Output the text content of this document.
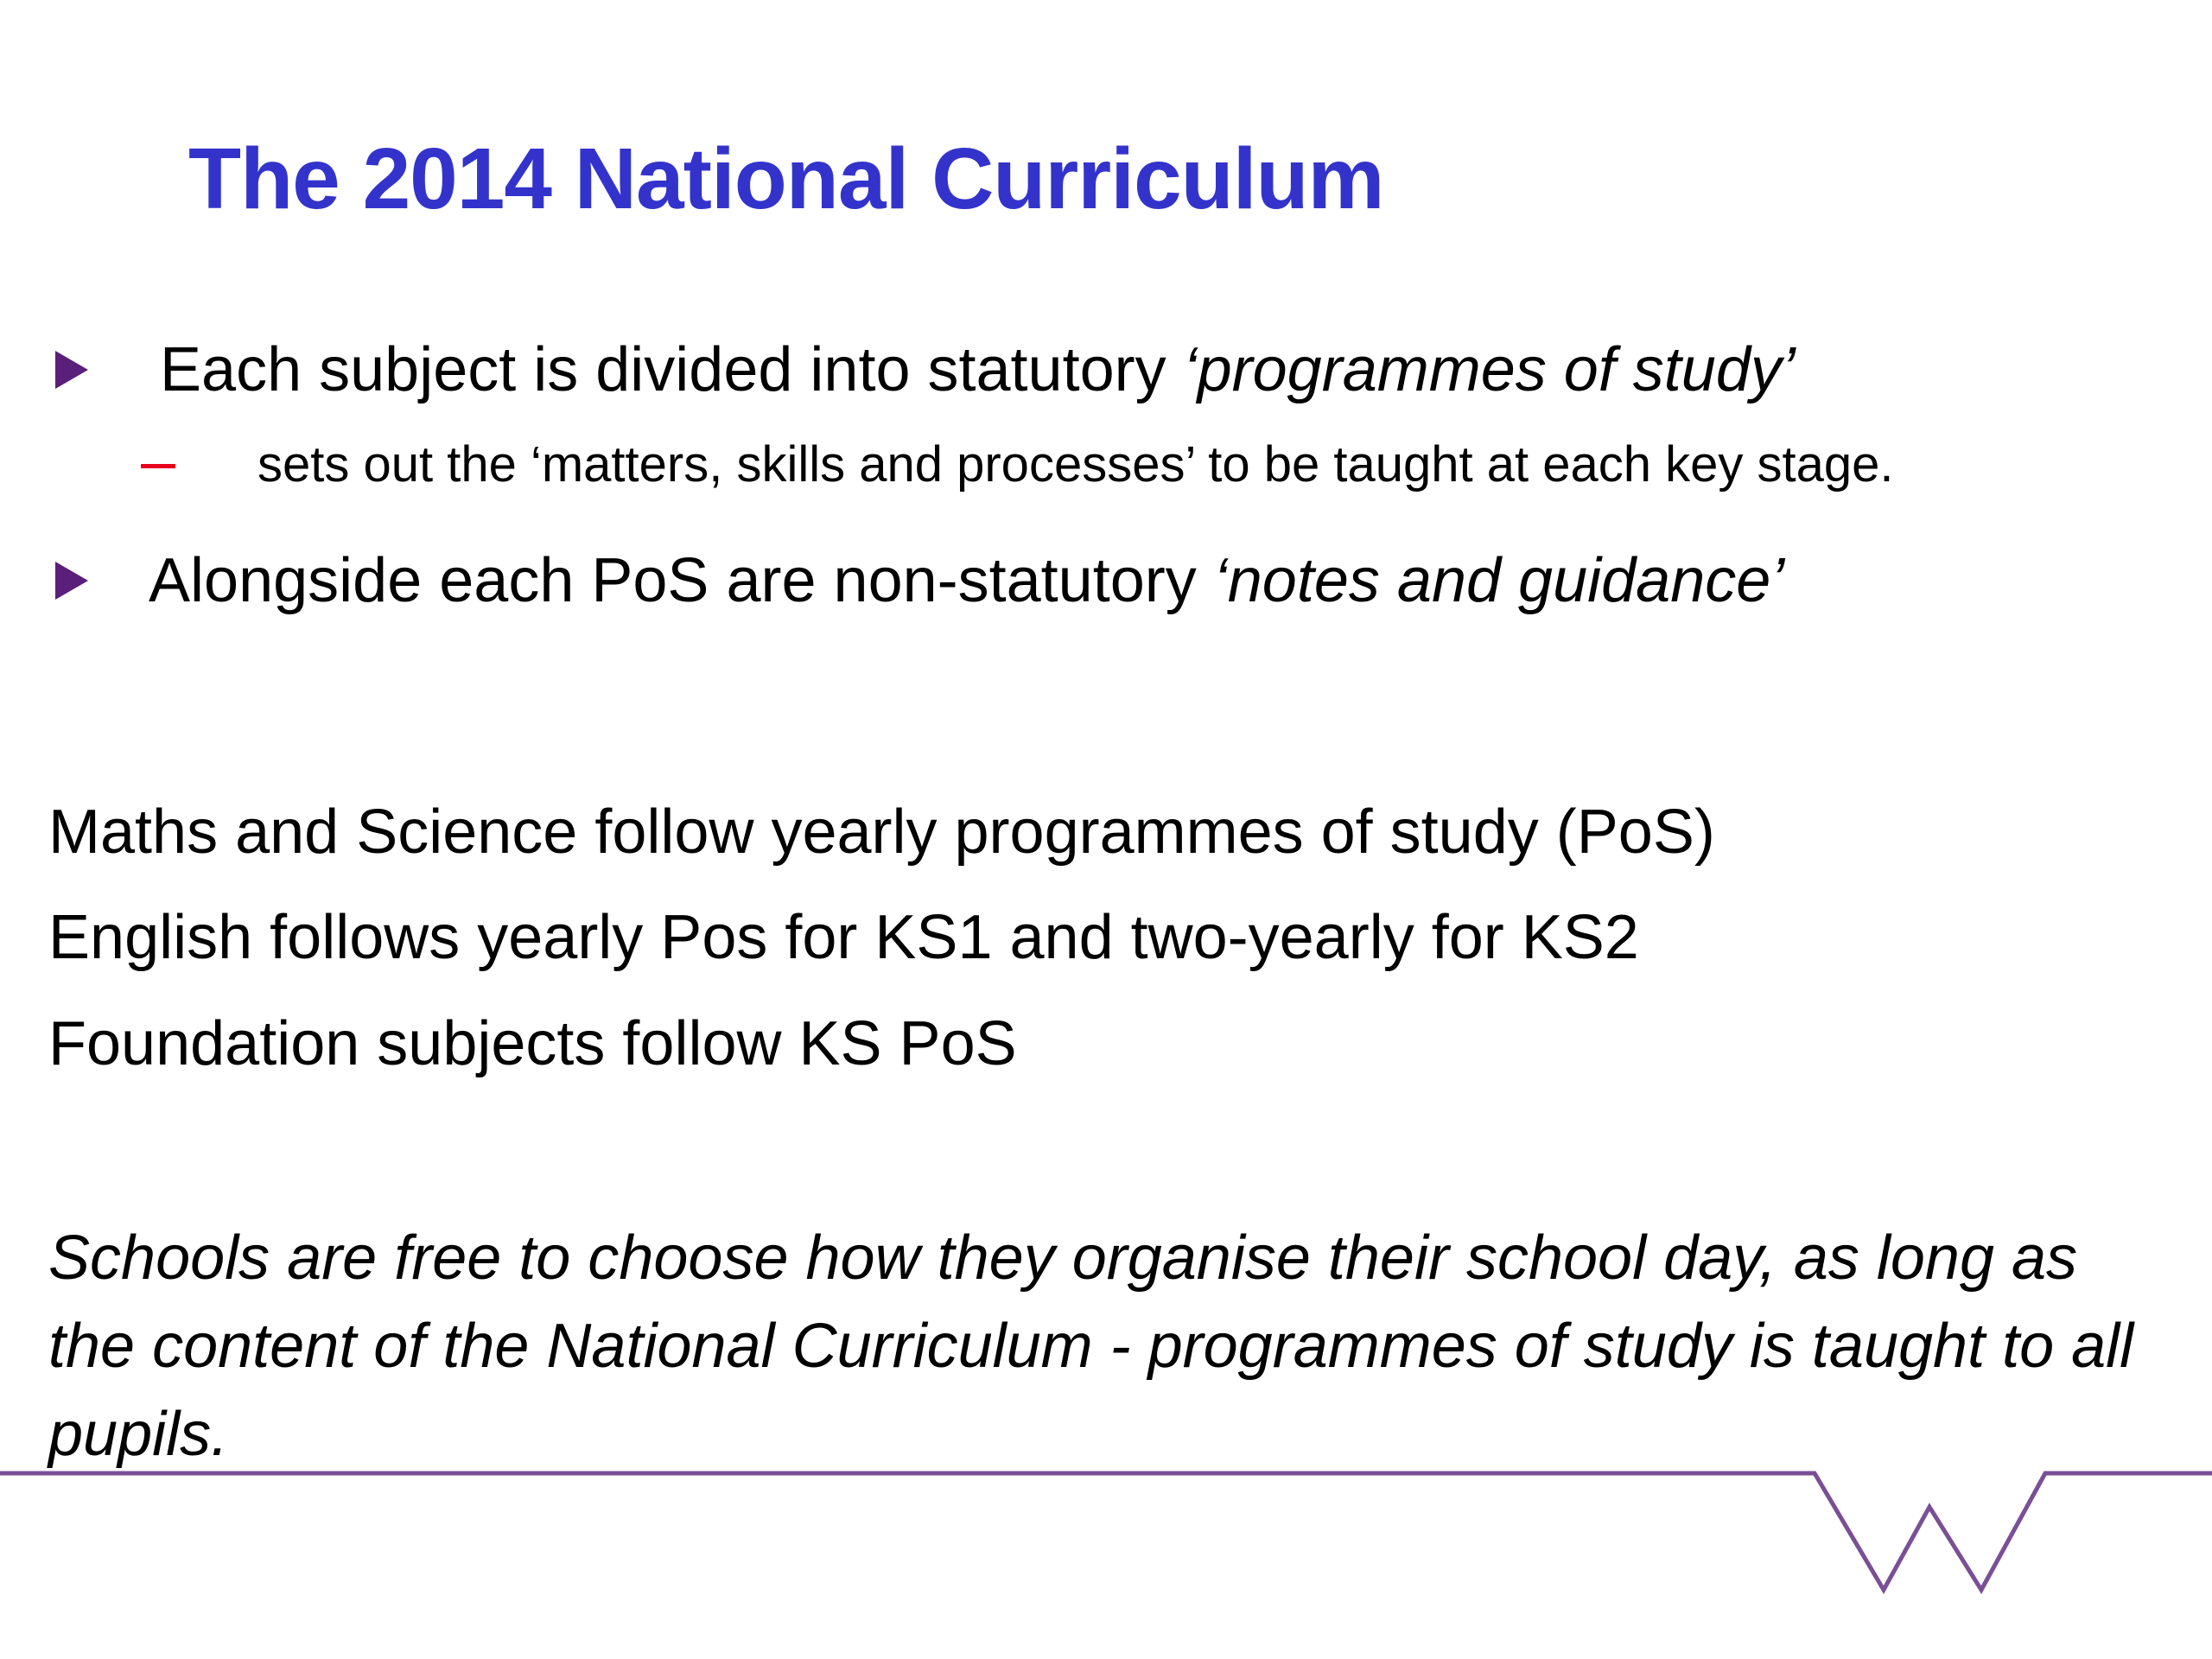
The 2014 National Curriculum
Each subject is divided into statutory ‘programmes of study’
sets out the ‘matters, skills and processes’ to be taught at each key stage.
Alongside each PoS are non-statutory ‘notes and guidance’
Maths and Science follow yearly programmes of study (PoS)
English follows yearly Pos for KS1 and two-yearly for KS2
Foundation subjects follow KS PoS
Schools are free to choose how they organise their school day, as long as the content of the National Curriculum - programmes of study is taught to all pupils.
